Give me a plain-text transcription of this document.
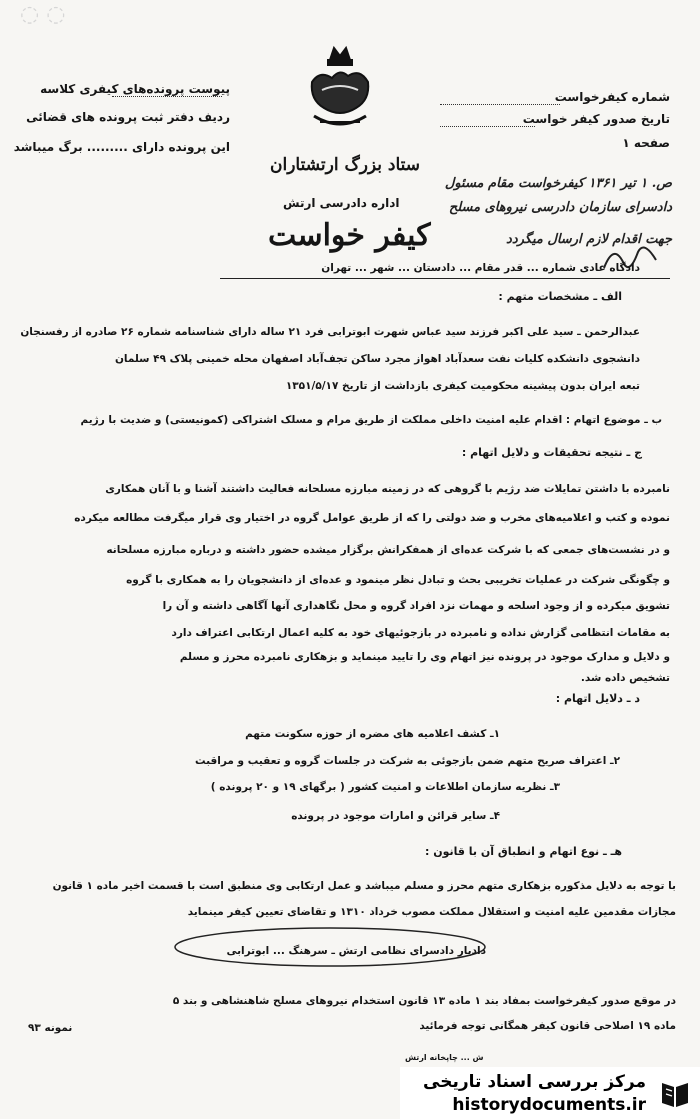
◌ ◌
پیوست پرونده‌های کیفری کلاسه
ردیف دفتر ثبت پرونده های قضائی
این پرونده دارای ......... برگ میباشد
شماره کیفرخواست
تاریخ صدور کیفر خواست
صفحه ۱
ستاد بزرگ ارتشتاران
اداره دادرسی ارتش
کیفر خواست
ص. ۱ تیر ۱۳۶۱ کیفرخواست مقام مسئول
دادسرای سازمان دادرسی نیروهای مسلح
جهت اقدام لازم ارسال میگردد
دادگاه عادی شماره ... قدر مقام ... دادستان ... شهر ... تهران
الف ـ مشخصات متهم :
عبدالرحمن ـ سید علی اکبر فرزند سید عباس شهرت ابوترابی فرد ۲۱ ساله دارای شناسنامه شماره ۲۶ صادره از رفسنجان
دانشجوی دانشکده کلیات نفت سعدآباد اهواز مجرد ساکن تجف‌آباد اصفهان محله خمینی پلاک ۴۹ سلمان
تبعه ایران بدون پیشینه محکومیت کیفری بازداشت از تاریخ ۱۳۵۱/۵/۱۷
ب ـ موضوع اتهام : اقدام علیه امنیت داخلی مملکت از طریق مرام و مسلک اشتراکی (کمونیستی) و ضدیت با رژیم
ج ـ نتیجه تحقیقات و دلایل اتهام :
نامبرده با داشتن تمایلات ضد رژیم با گروهی که در زمینه مبارزه مسلحانه فعالیت داشتند آشنا و با آنان همکاری
نموده و کتب و اعلامیه‌های مخرب و ضد دولتی را که از طریق عوامل گروه در اختیار وی قرار میگرفت مطالعه میکرده
و در نشست‌های جمعی که با شرکت عده‌ای از همفکرانش برگزار میشده حضور داشته و درباره مبارزه مسلحانه
و چگونگی شرکت در عملیات تخریبی بحث و تبادل نظر مینمود و عده‌ای از دانشجویان را به همکاری با گروه
تشویق میکرده و از وجود اسلحه و مهمات نزد افراد گروه و محل نگاهداری آنها آگاهی داشته و آن را
به مقامات انتظامی گزارش نداده و نامبرده در بازجوئیهای خود به کلیه اعمال ارتکابی اعتراف دارد
و دلایل و مدارک موجود در پرونده نیز اتهام وی را تایید مینماید و بزهکاری نامبرده محرز و مسلم
تشخیص داده شد.
د ـ دلایل اتهام :
۱ـ کشف اعلامیه های مضره از حوزه سکونت متهم
۲ـ اعتراف صریح متهم ضمن بازجوئی به شرکت در جلسات گروه و تعقیب و مراقبت
۳ـ نظریه سازمان اطلاعات و امنیت کشور ( برگهای ۱۹ و ۲۰ پرونده )
۴ـ سایر قرائن و امارات موجود در پرونده
هـ ـ نوع اتهام و انطباق آن با قانون :
با توجه به دلایل مذکوره بزهکاری متهم محرز و مسلم میباشد و عمل ارتکابی وی منطبق است با قسمت اخیر ماده ۱ قانون
مجازات مقدمین علیه امنیت و استقلال مملکت مصوب خرداد ۱۳۱۰ و تقاضای تعیین کیفر مینماید
دادیار دادسرای نظامی ارتش ـ سرهنگ ... ابوترابی
در موقع صدور کیفرخواست بمفاد بند ۱ ماده ۱۳ قانون استخدام نیروهای مسلح شاهنشاهی و بند ۵
ماده ۱۹ اصلاحی قانون کیفر همگانی توجه فرمائید
نمونه ۹۳
ش ... چاپخانه ارتش
مرکز بررسی اسناد تاریخی
historydocuments.ir
